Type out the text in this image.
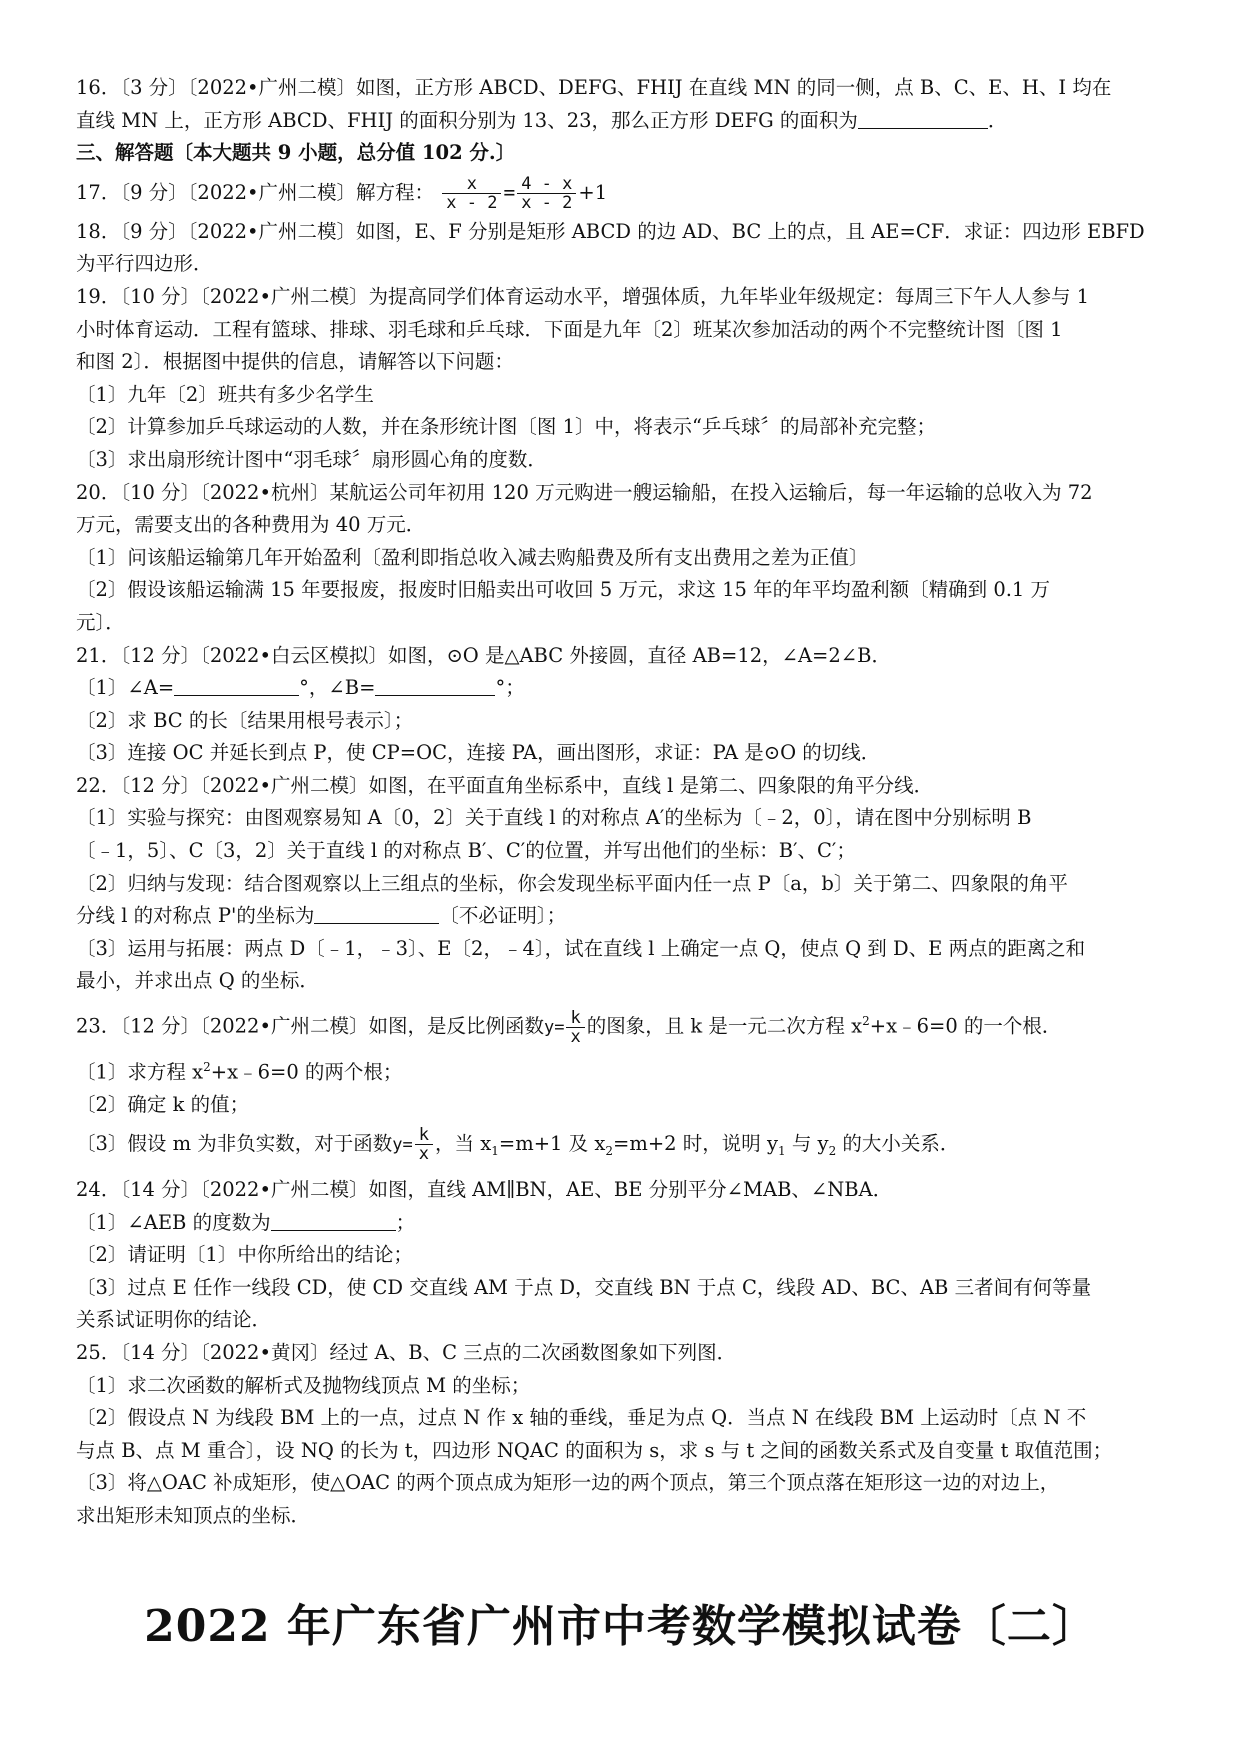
16．〔3 分〕〔2022•广州二模〕如图，正方形 ABCD、DEFG、FHIJ 在直线 MN 的同一侧，点 B、C、E、H、I 均在
直线 MN 上，正方形 ABCD、FHIJ 的面积分别为 13、23，那么正方形 DEFG 的面积为	．
三、解答题〔本大题共 9 小题，总分值 102 分.〕
17．〔9 分〕〔2022•广州二模〕解方程： $\frac{x}{x - 2} = \frac{4 - x}{x - 2} +1$
18．〔9 分〕〔2022•广州二模〕如图，E、F 分别是矩形 ABCD 的边 AD、BC 上的点，且 AE=CF．求证：四边形 EBFD
为平行四边形．
19．〔10 分〕〔2022•广州二模〕为提高同学们体育运动水平，增强体质，九年毕业年级规定：每周三下午人人参与 1
小时体育运动．工程有篮球、排球、羽毛球和乒乓球．下面是九年〔2〕班某次参加活动的两个不完整统计图〔图 1
和图 2〕．根据图中提供的信息，请解答以下问题：
〔1〕九年〔2〕班共有多少名学生
〔2〕计算参加乒乓球运动的人数，并在条形统计图〔图 1〕中，将表示“乒乓球〞的局部补充完整；
〔3〕求出扇形统计图中“羽毛球〞扇形圆心角的度数．
20．〔10 分〕〔2022•杭州〕某航运公司年初用 120 万元购进一艘运输船，在投入运输后，每一年运输的总收入为 72
万元，需要支出的各种费用为 40 万元．
〔1〕问该船运输第几年开始盈利〔盈利即指总收入减去购船费及所有支出费用之差为正值〕
〔2〕假设该船运输满 15 年要报废，报废时旧船卖出可收回 5 万元，求这 15 年的年平均盈利额〔精确到 0.1 万
元〕．
21．〔12 分〕〔2022•白云区模拟〕如图，⊙O 是△ABC 外接圆，直径 AB=12，∠A=2∠B．
〔1〕∠A=	°，∠B=	°；
〔2〕求 BC 的长〔结果用根号表示〕；
〔3〕连接 OC 并延长到点 P，使 CP=OC，连接 PA，画出图形，求证：PA 是⊙O 的切线．
22．〔12 分〕〔2022•广州二模〕如图，在平面直角坐标系中，直线 l 是第二、四象限的角平分线．
〔1〕实验与探究：由图观察易知 A〔0，2〕关于直线 l 的对称点 A′的坐标为〔﹣2，0〕，请在图中分别标明 B
〔﹣1，5〕、C〔3，2〕关于直线 l 的对称点 B′、C′的位置，并写出他们的坐标：B′、C′；
〔2〕归纳与发现：结合图观察以上三组点的坐标，你会发现坐标平面内任一点 P〔a，b〕关于第二、四象限的角平
分线 l 的对称点 P'的坐标为	〔不必证明〕；
〔3〕运用与拓展：两点 D〔﹣1，﹣3〕、E〔2，﹣4〕，试在直线 l 上确定一点 Q，使点 Q 到 D、E 两点的距离之和
最小，并求出点 Q 的坐标．
23．〔12 分〕〔2022•广州二模〕如图，是反比例函数$y= \frac{k}{x}$ 的图象，且 k 是一元二次方程 $x^2+x﹣6=0$ 的一个根．
〔1〕求方程 $x^2+x﹣6=0$ 的两个根；
〔2〕确定 k 的值；
〔3〕假设 m 为非负实数，对于函数$y= \frac{k}{x}$ ，当 $x_1=m+1$ 及 $x_2=m+2$ 时，说明 $y_1$ 与 $y_2$ 的大小关系．
24．〔14 分〕〔2022•广州二模〕如图，直线 AM∥BN，AE、BE 分别平分∠MAB、∠NBA．
〔1〕∠AEB 的度数为	；
〔2〕请证明〔1〕中你所给出的结论；
〔3〕过点 E 任作一线段 CD，使 CD 交直线 AM 于点 D，交直线 BN 于点 C，线段 AD、BC、AB 三者间有何等量
关系试证明你的结论．
25．〔14 分〕〔2022•黄冈〕经过 A、B、C 三点的二次函数图象如下列图．
〔1〕求二次函数的解析式及抛物线顶点 M 的坐标；
〔2〕假设点 N 为线段 BM 上的一点，过点 N 作 x 轴的垂线，垂足为点 Q．当点 N 在线段 BM 上运动时〔点 N 不
与点 B、点 M 重合〕，设 NQ 的长为 t，四边形 NQAC 的面积为 s，求 s 与 t 之间的函数关系式及自变量 t 取值范围；
〔3〕将△OAC 补成矩形，使△OAC 的两个顶点成为矩形一边的两个顶点，第三个顶点落在矩形这一边的对边上，
求出矩形未知顶点的坐标．
2022 年广东省广州市中考数学模拟试卷〔二〕
